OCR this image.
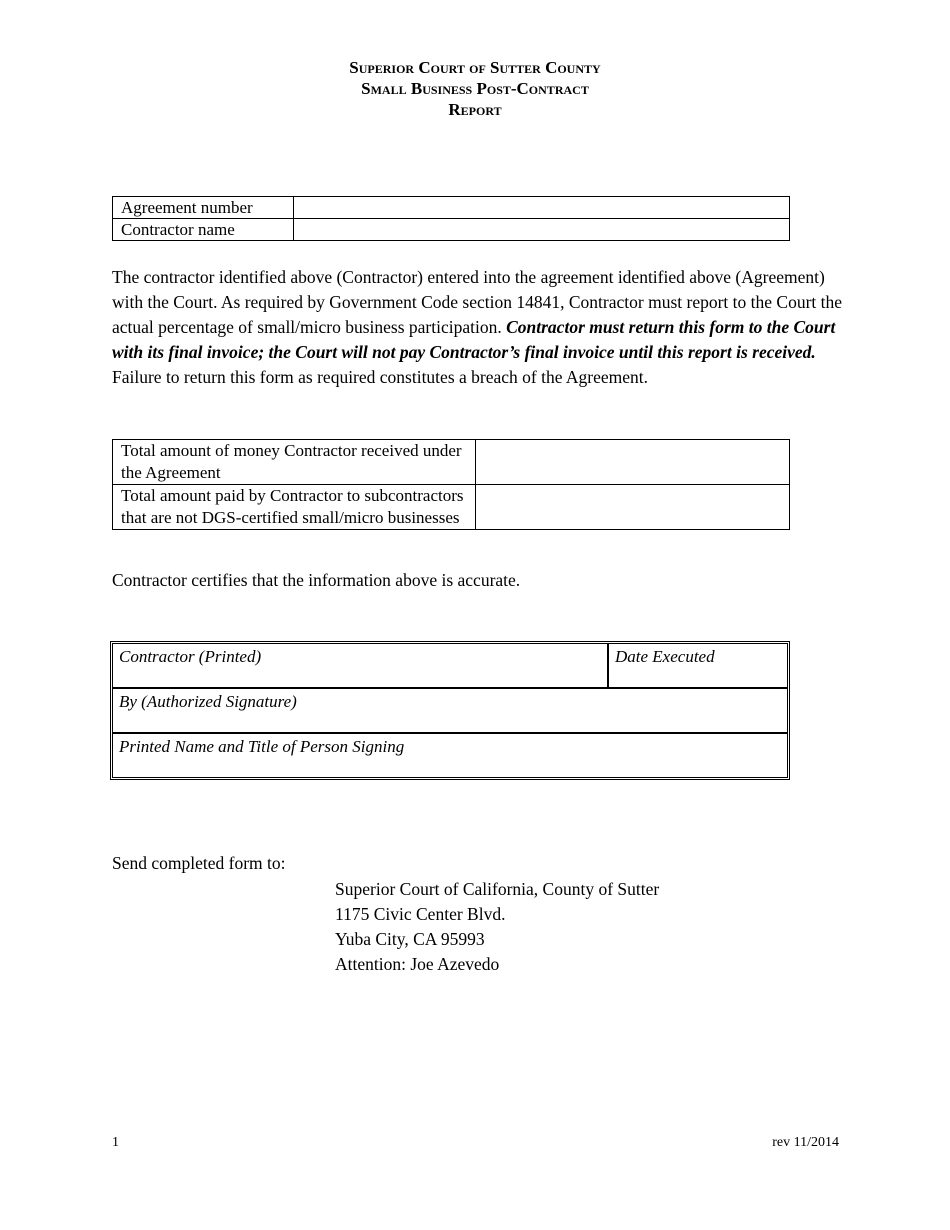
Superior Court of Sutter County
Small Business Post-Contract
Report
Agreement number	
Contractor name	

The contractor identified above (Contractor) entered into the agreement identified above (Agreement) with the Court. As required by Government Code section 14841, Contractor must report to the Court the actual percentage of small/micro business participation. Contractor must return this form to the Court with its final invoice; the Court will not pay Contractor’s final invoice until this report is received. Failure to return this form as required constitutes a breach of the Agreement.

Total amount of money Contractor received under the Agreement	
Total amount paid by Contractor to subcontractors that are not DGS-certified small/micro businesses	
Contractor certifies that the information above is accurate.
Contractor (Printed)	Date Executed
By (Authorized Signature)
Printed Name and Title of Person Signing
Send completed form to:
Superior Court of California, County of Sutter
1175 Civic Center Blvd.
Yuba City, CA 95993
Attention: Joe Azevedo
1	rev 11/2014
